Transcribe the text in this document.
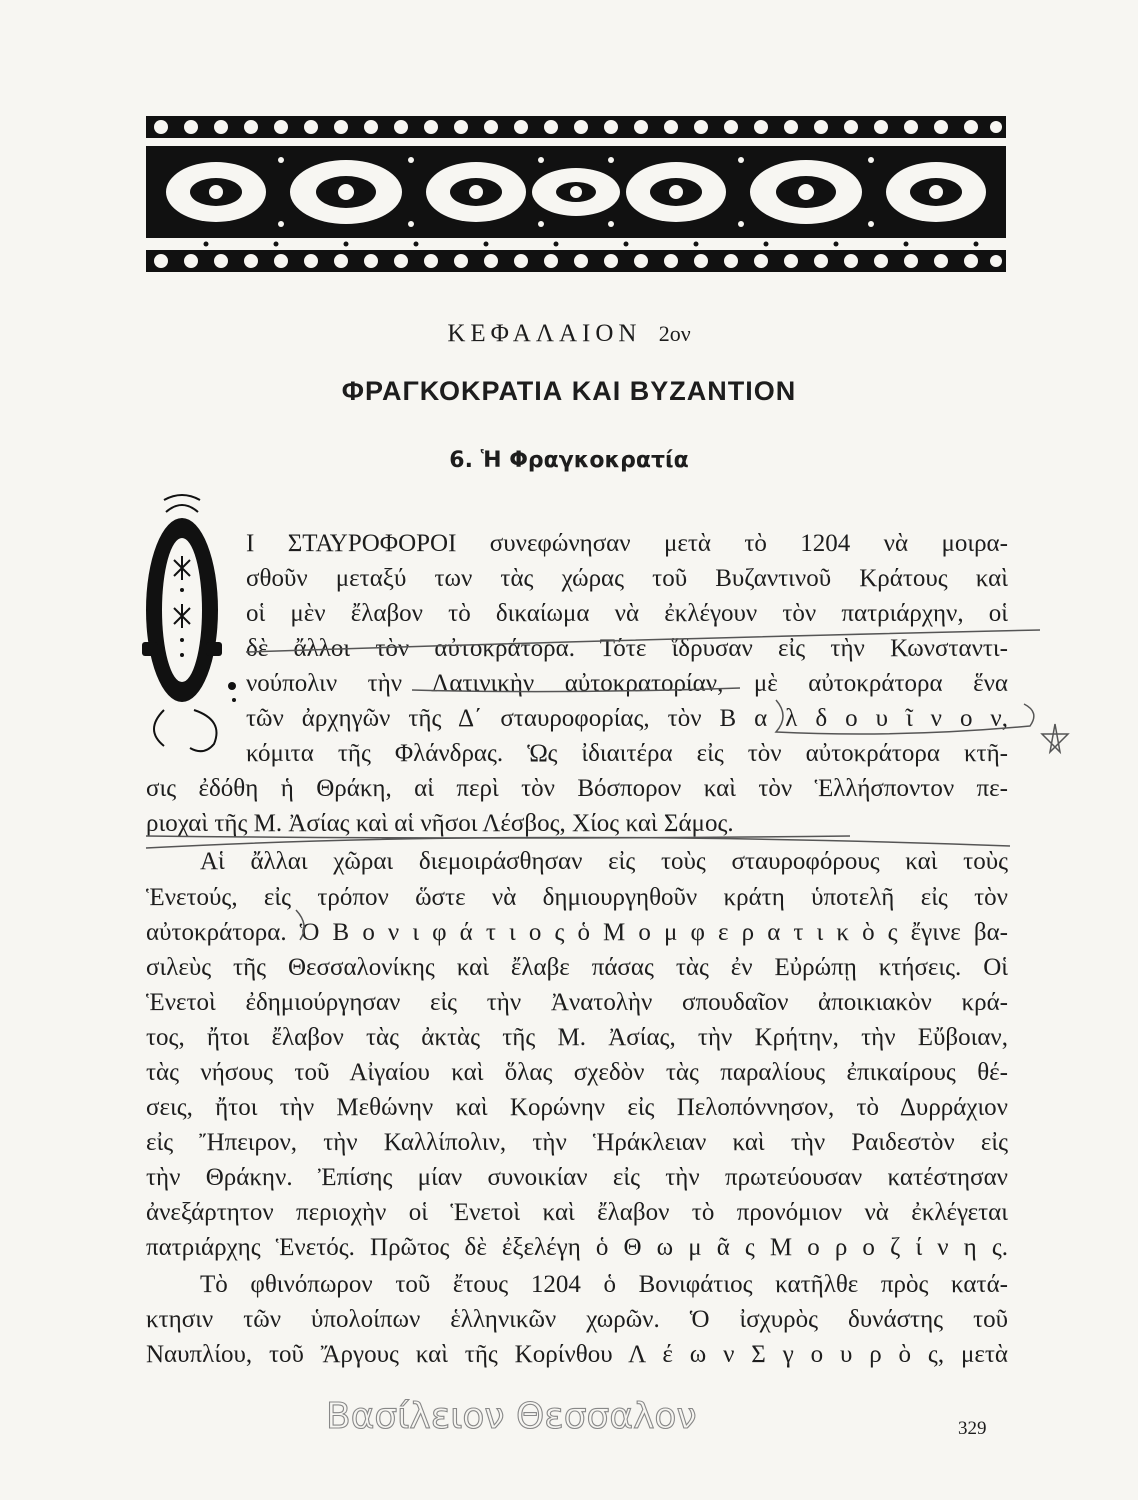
ΚΕΦΑΛΑΙΟΝ 2ον
ΦΡΑΓΚΟΚΡΑΤΙΑ ΚΑΙ ΒΥΖΑΝΤΙΟΝ
6. Ἡ Φραγκοκρατία
Ι ΣΤΑΥΡΟΦΟΡΟΙ συνεφώνησαν μετὰ τὸ 1204 νὰ μοιρα-
σθοῦν μεταξύ των τὰς χώρας τοῦ Βυζαντινοῦ Κράτους καὶ
οἱ μὲν ἔλαβον τὸ δικαίωμα νὰ ἐκλέγουν τὸν πατριάρχην, οἱ
δὲ ἄλλοι τὸν αὐτοκράτορα. Τότε ἵδρυσαν εἰς τὴν Κωνσταντι-
νούπολιν τὴν Λατινικὴν αὐτοκρατορίαν, μὲ αὐτοκράτορα ἕνα
τῶν ἀρχηγῶν τῆς Δ΄ σταυροφορίας, τὸν Β α λ δ ο υ ῖ ν ο ν,
κόμιτα τῆς Φλάνδρας. Ὡς ἰδιαιτέρα εἰς τὸν αὐτοκράτορα κτῆ-
σις ἐδόθη ἡ Θράκη, αἱ περὶ τὸν Βόσπορον καὶ τὸν Ἑλλήσποντον πε-
ριοχαὶ τῆς Μ. Ἀσίας καὶ αἱ νῆσοι Λέσβος, Χίος καὶ Σάμος.
Αἱ ἄλλαι χῶραι διεμοιράσθησαν εἰς τοὺς σταυροφόρους καὶ τοὺς
Ἑνετούς, εἰς τρόπον ὥστε νὰ δημιουργηθοῦν κράτη ὑποτελῆ εἰς τὸν
αὐτοκράτορα. Ὁ Β ο ν ι φ ά τ ι ο ς ὁ Μ ο μ φ ε ρ α τ ι κ ὸ ς ἔγινε βα-
σιλεὺς τῆς Θεσσαλονίκης καὶ ἔλαβε πάσας τὰς ἐν Εὐρώπῃ κτήσεις. Οἱ
Ἑνετοὶ ἐδημιούργησαν εἰς τὴν Ἀνατολὴν σπουδαῖον ἀποικιακὸν κρά-
τος, ἤτοι ἔλαβον τὰς ἀκτὰς τῆς Μ. Ἀσίας, τὴν Κρήτην, τὴν Εὔβοιαν,
τὰς νήσους τοῦ Αἰγαίου καὶ ὅλας σχεδὸν τὰς παραλίους ἐπικαίρους θέ-
σεις, ἤτοι τὴν Μεθώνην καὶ Κορώνην εἰς Πελοπόννησον, τὸ Δυρράχιον
εἰς Ἤπειρον, τὴν Καλλίπολιν, τὴν Ἡράκλειαν καὶ τὴν Ραιδεστὸν εἰς
τὴν Θράκην. Ἐπίσης μίαν συνοικίαν εἰς τὴν πρωτεύουσαν κατέστησαν
ἀνεξάρτητον περιοχὴν οἱ Ἑνετοὶ καὶ ἔλαβον τὸ προνόμιον νὰ ἐκλέγεται
πατριάρχης Ἑνετός. Πρῶτος δὲ ἐξελέγη ὁ Θ ω μ ᾶ ς Μ ο ρ ο ζ ί ν η ς.
Τὸ φθινόπωρον τοῦ ἔτους 1204 ὁ Βονιφάτιος κατῆλθε πρὸς κατά-
κτησιν τῶν ὑπολοίπων ἑλληνικῶν χωρῶν. Ὁ ἰσχυρὸς δυνάστης τοῦ
Ναυπλίου, τοῦ Ἄργους καὶ τῆς Κορίνθου Λ έ ω ν Σ γ ο υ ρ ὸ ς, μετὰ
Βασίλειον Θεσσαλον	329
